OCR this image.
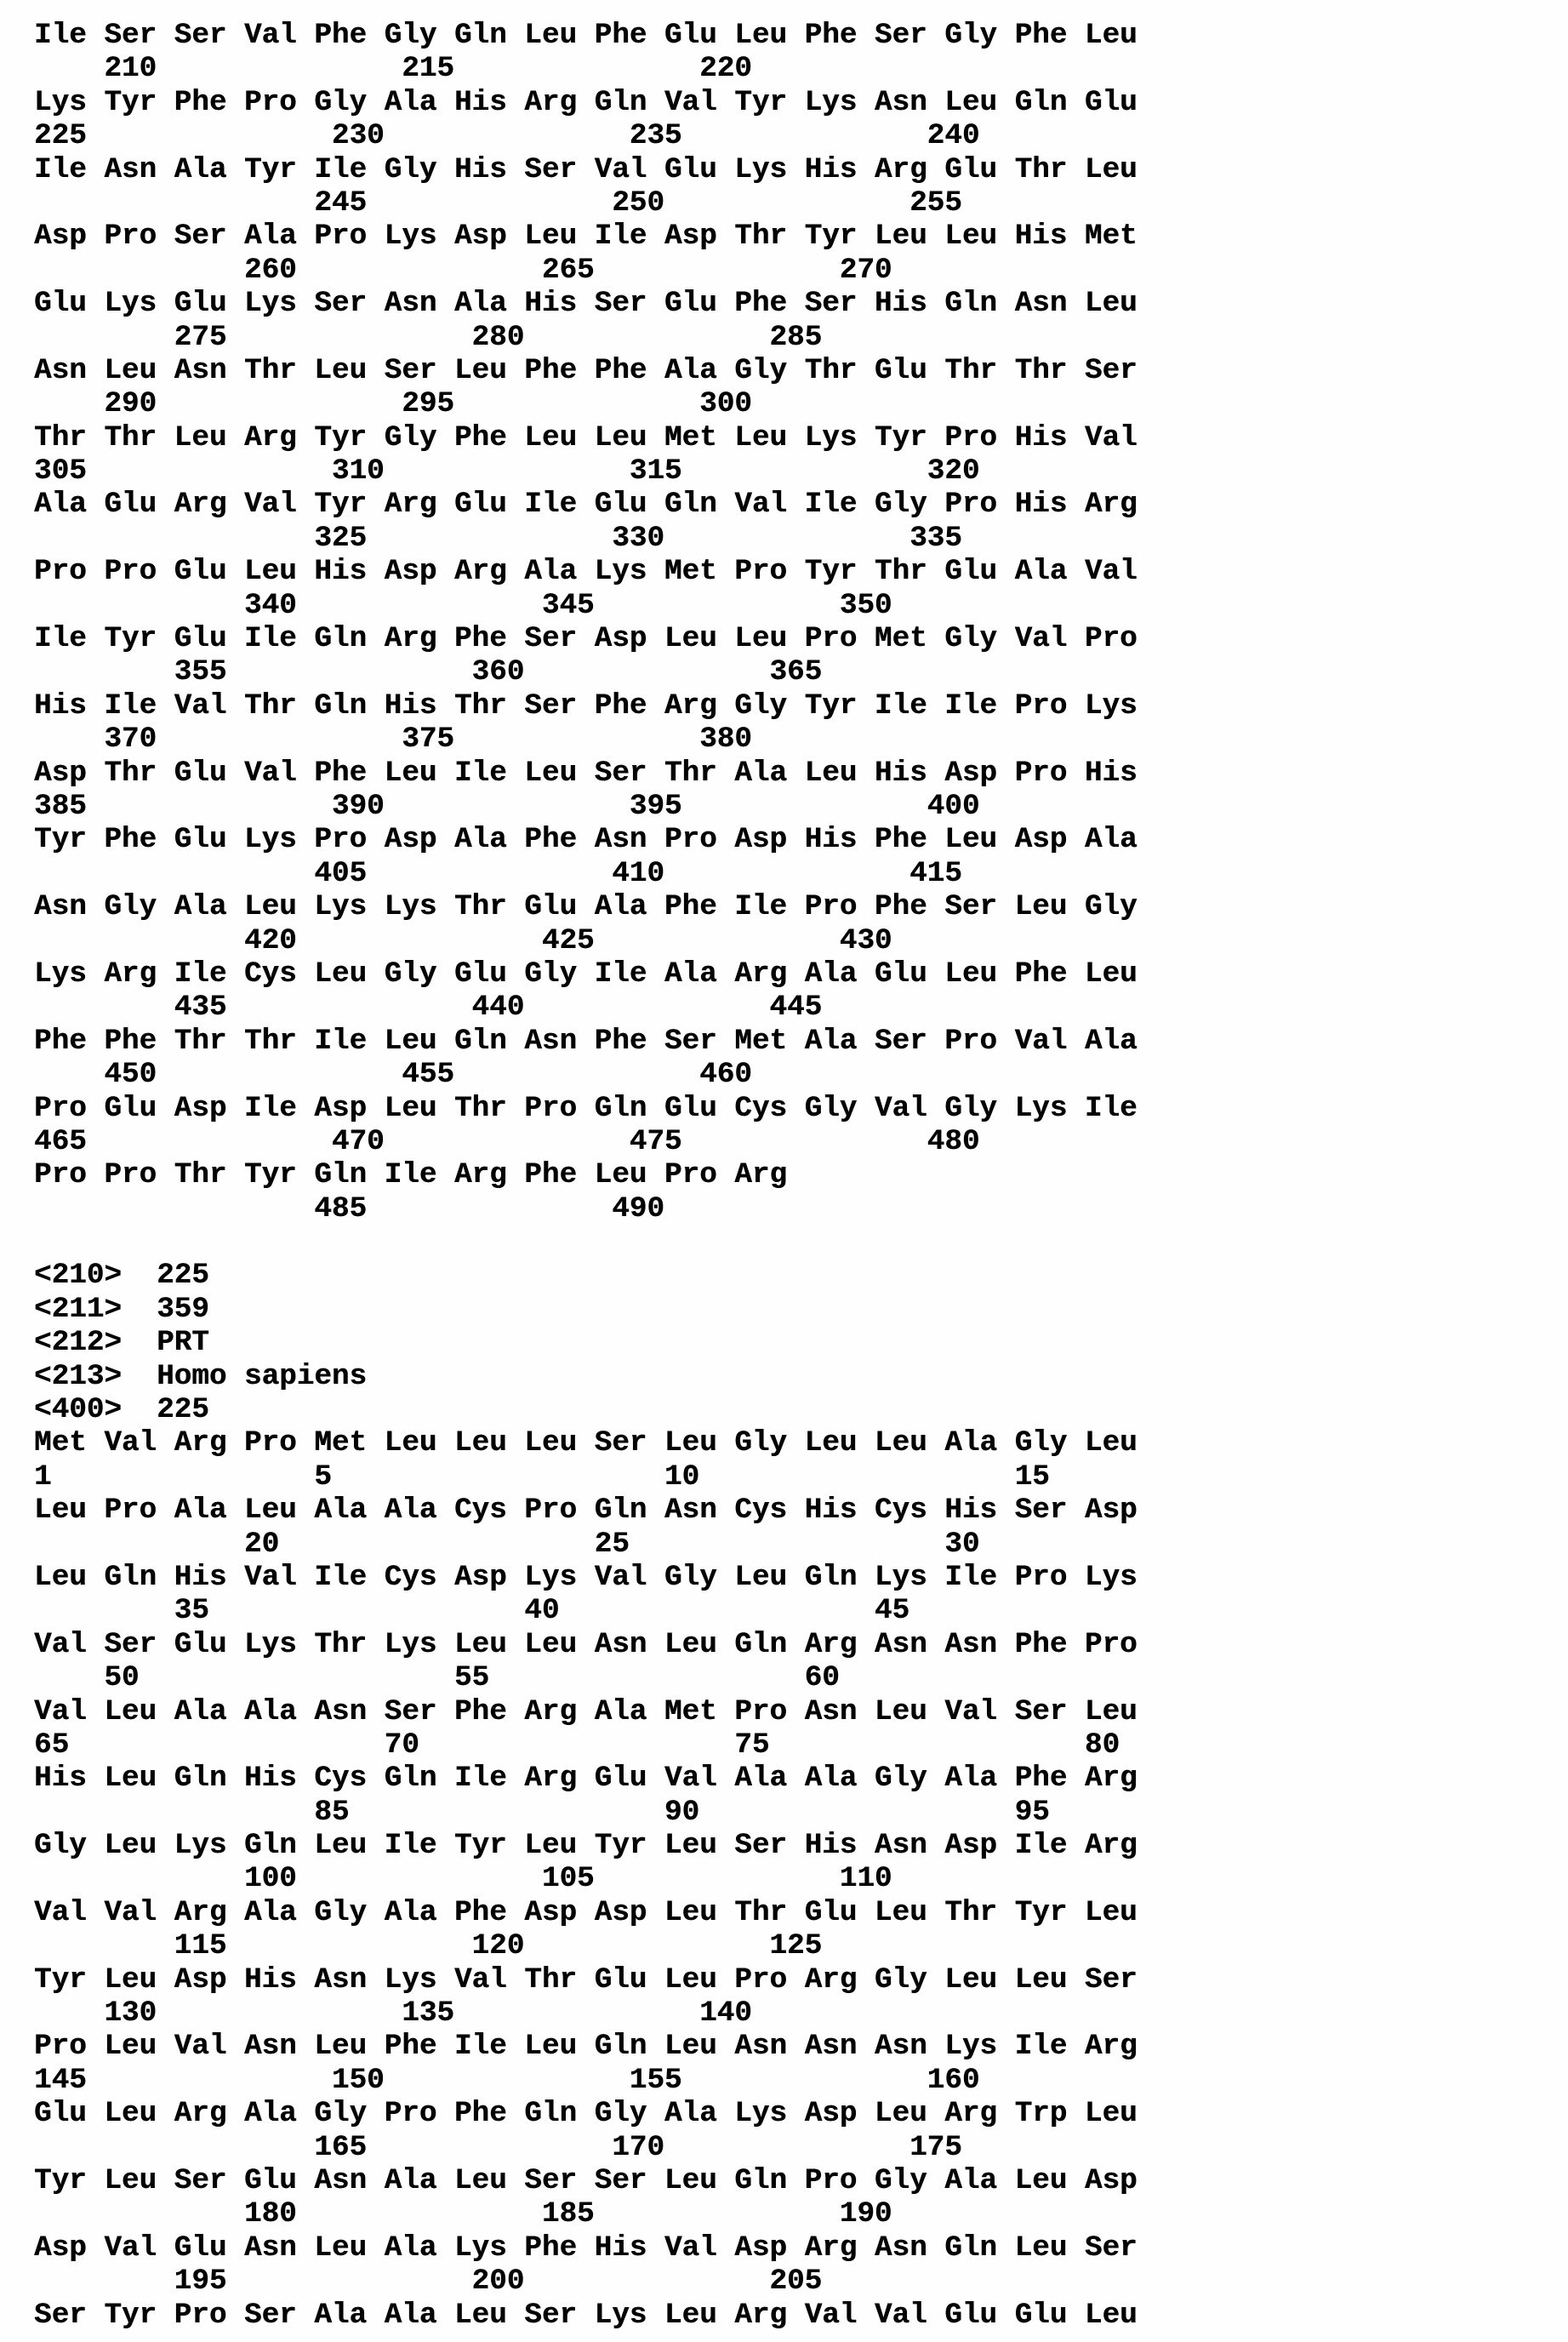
Ile Ser Ser Val Phe Gly Gln Leu Phe Glu Leu Phe Ser Gly Phe Leu
210              215              220
Lys Tyr Phe Pro Gly Ala His Arg Gln Val Tyr Lys Asn Leu Gln Glu
225              230              235              240
Ile Asn Ala Tyr Ile Gly His Ser Val Glu Lys His Arg Glu Thr Leu
245              250              255
Asp Pro Ser Ala Pro Lys Asp Leu Ile Asp Thr Tyr Leu Leu His Met
260              265              270
Glu Lys Glu Lys Ser Asn Ala His Ser Glu Phe Ser His Gln Asn Leu
275              280              285
Asn Leu Asn Thr Leu Ser Leu Phe Phe Ala Gly Thr Glu Thr Thr Ser
290              295              300
Thr Thr Leu Arg Tyr Gly Phe Leu Leu Met Leu Lys Tyr Pro His Val
305              310              315              320
Ala Glu Arg Val Tyr Arg Glu Ile Glu Gln Val Ile Gly Pro His Arg
325              330              335
Pro Pro Glu Leu His Asp Arg Ala Lys Met Pro Tyr Thr Glu Ala Val
340              345              350
Ile Tyr Glu Ile Gln Arg Phe Ser Asp Leu Leu Pro Met Gly Val Pro
355              360              365
His Ile Val Thr Gln His Thr Ser Phe Arg Gly Tyr Ile Ile Pro Lys
370              375              380
Asp Thr Glu Val Phe Leu Ile Leu Ser Thr Ala Leu His Asp Pro His
385              390              395              400
Tyr Phe Glu Lys Pro Asp Ala Phe Asn Pro Asp His Phe Leu Asp Ala
405              410              415
Asn Gly Ala Leu Lys Lys Thr Glu Ala Phe Ile Pro Phe Ser Leu Gly
420              425              430
Lys Arg Ile Cys Leu Gly Glu Gly Ile Ala Arg Ala Glu Leu Phe Leu
435              440              445
Phe Phe Thr Thr Ile Leu Gln Asn Phe Ser Met Ala Ser Pro Val Ala
450              455              460
Pro Glu Asp Ile Asp Leu Thr Pro Gln Glu Cys Gly Val Gly Lys Ile
465              470              475              480
Pro Pro Thr Tyr Gln Ile Arg Phe Leu Pro Arg
485              490
<210>  225
<211>  359
<212>  PRT
<213>  Homo sapiens
<400>  225
Met Val Arg Pro Met Leu Leu Leu Ser Leu Gly Leu Leu Ala Gly Leu
1               5                   10                  15
Leu Pro Ala Leu Ala Ala Cys Pro Gln Asn Cys His Cys His Ser Asp
20                  25                  30
Leu Gln His Val Ile Cys Asp Lys Val Gly Leu Gln Lys Ile Pro Lys
35                  40                  45
Val Ser Glu Lys Thr Lys Leu Leu Asn Leu Gln Arg Asn Asn Phe Pro
50                  55                  60
Val Leu Ala Ala Asn Ser Phe Arg Ala Met Pro Asn Leu Val Ser Leu
65                  70                  75                  80
His Leu Gln His Cys Gln Ile Arg Glu Val Ala Ala Gly Ala Phe Arg
85                  90                  95
Gly Leu Lys Gln Leu Ile Tyr Leu Tyr Leu Ser His Asn Asp Ile Arg
100              105              110
Val Val Arg Ala Gly Ala Phe Asp Asp Leu Thr Glu Leu Thr Tyr Leu
115              120              125
Tyr Leu Asp His Asn Lys Val Thr Glu Leu Pro Arg Gly Leu Leu Ser
130              135              140
Pro Leu Val Asn Leu Phe Ile Leu Gln Leu Asn Asn Asn Lys Ile Arg
145              150              155              160
Glu Leu Arg Ala Gly Pro Phe Gln Gly Ala Lys Asp Leu Arg Trp Leu
165              170              175
Tyr Leu Ser Glu Asn Ala Leu Ser Ser Leu Gln Pro Gly Ala Leu Asp
180              185              190
Asp Val Glu Asn Leu Ala Lys Phe His Val Asp Arg Asn Gln Leu Ser
195              200              205
Ser Tyr Pro Ser Ala Ala Leu Ser Lys Leu Arg Val Val Glu Glu Leu
